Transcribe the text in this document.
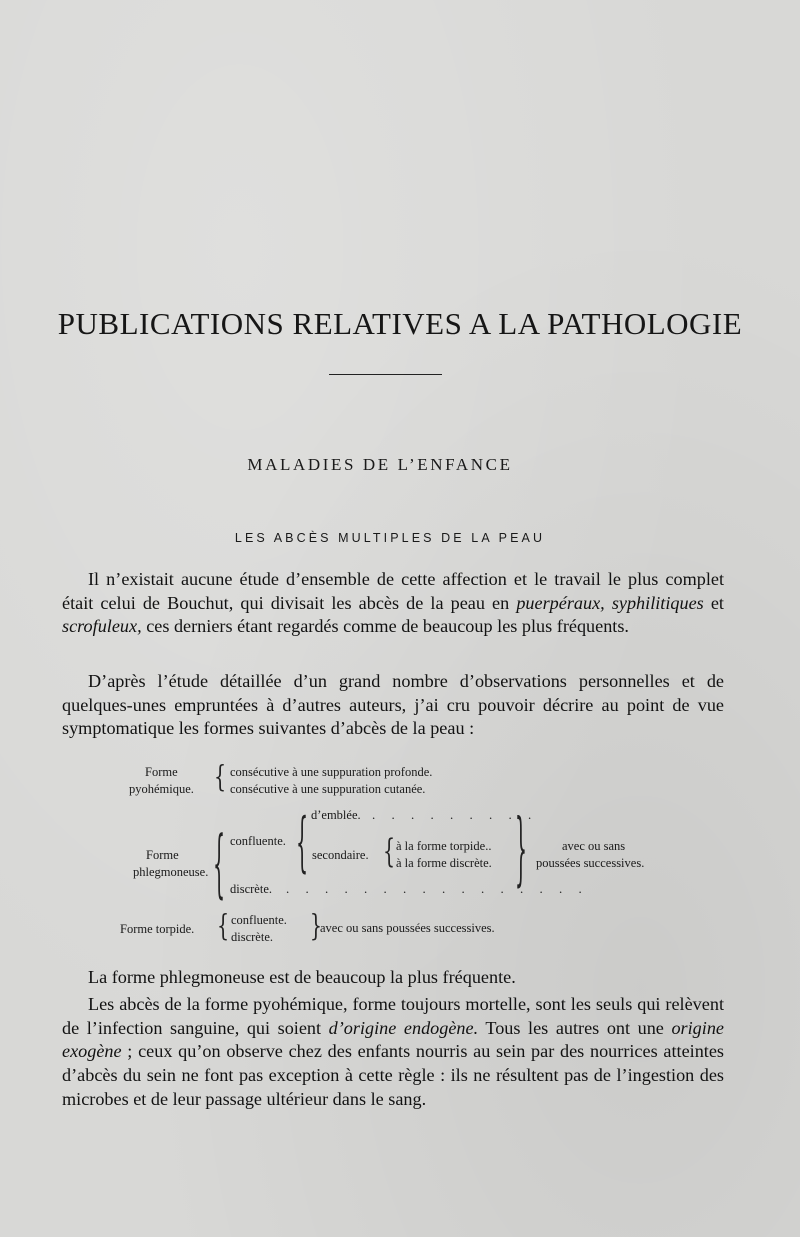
PUBLICATIONS RELATIVES A LA PATHOLOGIE
MALADIES DE L’ENFANCE
LES ABCÈS MULTIPLES DE LA PEAU
Il n’existait aucune étude d’ensemble de cette affection et le travail le plus complet était celui de Bouchut, qui divisait les abcès de la peau en puerpéraux, syphilitiques et scrofuleux, ces derniers étant regardés comme de beaucoup les plus fréquents.
D’après l’étude détaillée d’un grand nombre d’observations personnelles et de quelques-unes empruntées à d’autres auteurs, j’ai cru pouvoir décrire au point de vue symptomatique les formes suivantes d’abcès de la peau :
Forme
pyohémique. { consécutive à une suppuration profonde.
consécutive à une suppuration cutanée.
Forme
phlegmoneuse. { confluente. { d’emblée. . . . . . . . . .
secondaire. { à la forme torpide..
à la forme discrète.
discrète. . . . . . . . . . . . . . . . .
{	avec ou sans
poussées successives.
Forme torpide. { confluente.
discrète. {
avec ou sans poussées successives.
La forme phlegmoneuse est de beaucoup la plus fréquente.
Les abcès de la forme pyohémique, forme toujours mortelle, sont les seuls qui relèvent de l’infection sanguine, qui soient d’origine endogène. Tous les autres ont une origine exogène ; ceux qu’on observe chez des enfants nourris au sein par des nourrices atteintes d’abcès du sein ne font pas exception à cette règle : ils ne résultent pas de l’ingestion des microbes et de leur passage ultérieur dans le sang.
